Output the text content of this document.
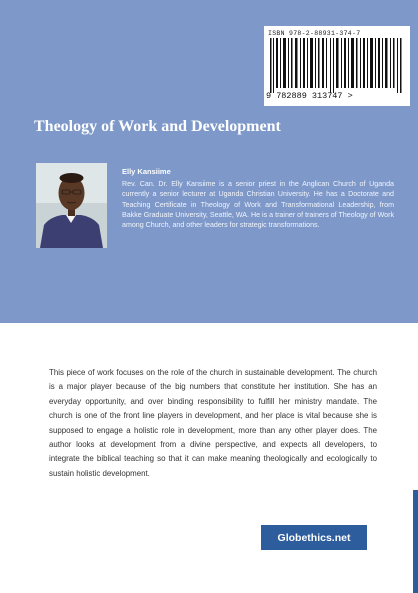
ISBN 978-2-88931-374-7
9 782889 313747 >
Theology of Work and Development
Elly Kansiime
Rev. Can. Dr. Elly Kansiime is a senior priest in the Anglican Church of Uganda currently a senior lecturer at Uganda Christian University. He has a Doctorate and Teaching Certificate in Theology of Work and Transformational Leadership, from Bakke Graduate University, Seattle, WA. He is a trainer of trainers of Theology of Work among Church, and other leaders for strategic transformations.
This piece of work focuses on the role of the church in sustainable development. The church is a major player because of the big numbers that constitute her institution. She has an everyday opportunity, and over binding responsibility to fulfill her ministry mandate. The church is one of the front line players in development, and her place is vital because she is supposed to engage a holistic role in development, more than any other player does. The author looks at development from a divine perspective, and expects all developers, to integrate the biblical teaching so that it can make meaning theologically and ecologically to sustain holistic development.
Globethics.net
